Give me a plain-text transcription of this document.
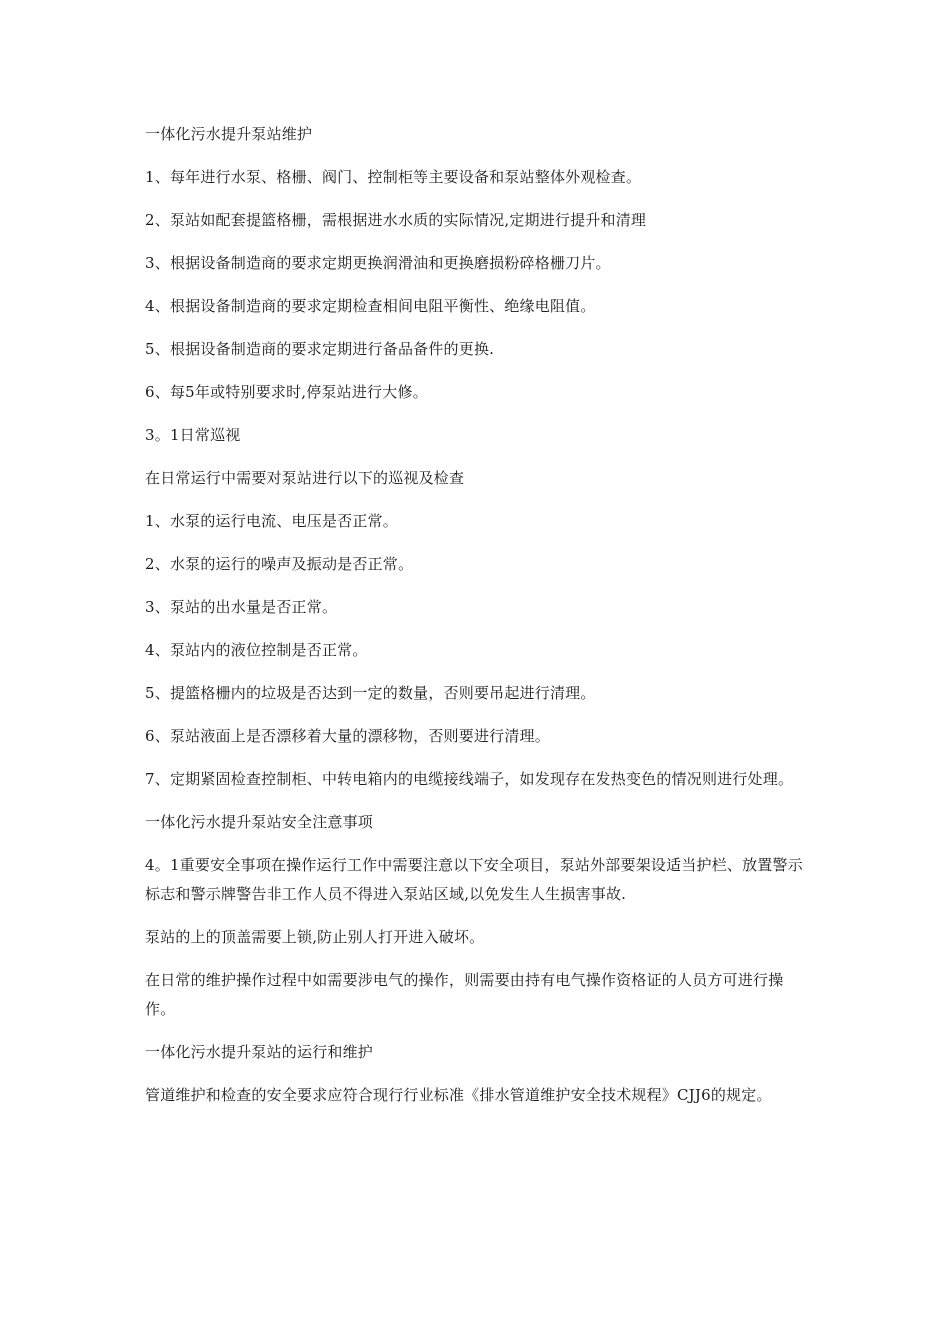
一体化污水提升泵站维护

1、每年进行水泵、格栅、阀门、控制柜等主要设备和泵站整体外观检查。

2、泵站如配套提篮格栅，需根据进水水质的实际情况,定期进行提升和清理

3、根据设备制造商的要求定期更换润滑油和更换磨损粉碎格栅刀片。

4、根据设备制造商的要求定期检查相间电阻平衡性、绝缘电阻值。

5、根据设备制造商的要求定期进行备品备件的更换.

6、每5年或特别要求时,停泵站进行大修。

3。1日常巡视

在日常运行中需要对泵站进行以下的巡视及检查

1、水泵的运行电流、电压是否正常。

2、水泵的运行的噪声及振动是否正常。

3、泵站的出水量是否正常。

4、泵站内的液位控制是否正常。

5、提篮格栅内的垃圾是否达到一定的数量，否则要吊起进行清理。

6、泵站液面上是否漂移着大量的漂移物，否则要进行清理。

7、定期紧固检查控制柜、中转电箱内的电缆接线端子，如发现存在发热变色的情况则进行处理。

一体化污水提升泵站安全注意事项

4。1重要安全事项在操作运行工作中需要注意以下安全项目，泵站外部要架设适当护栏、放置警示标志和警示牌警告非工作人员不得进入泵站区域,以免发生人生损害事故.

泵站的上的顶盖需要上锁,防止别人打开进入破坏。

在日常的维护操作过程中如需要涉电气的操作，则需要由持有电气操作资格证的人员方可进行操作。

一体化污水提升泵站的运行和维护

管道维护和检查的安全要求应符合现行行业标准《排水管道维护安全技术规程》CJJ6的规定。
